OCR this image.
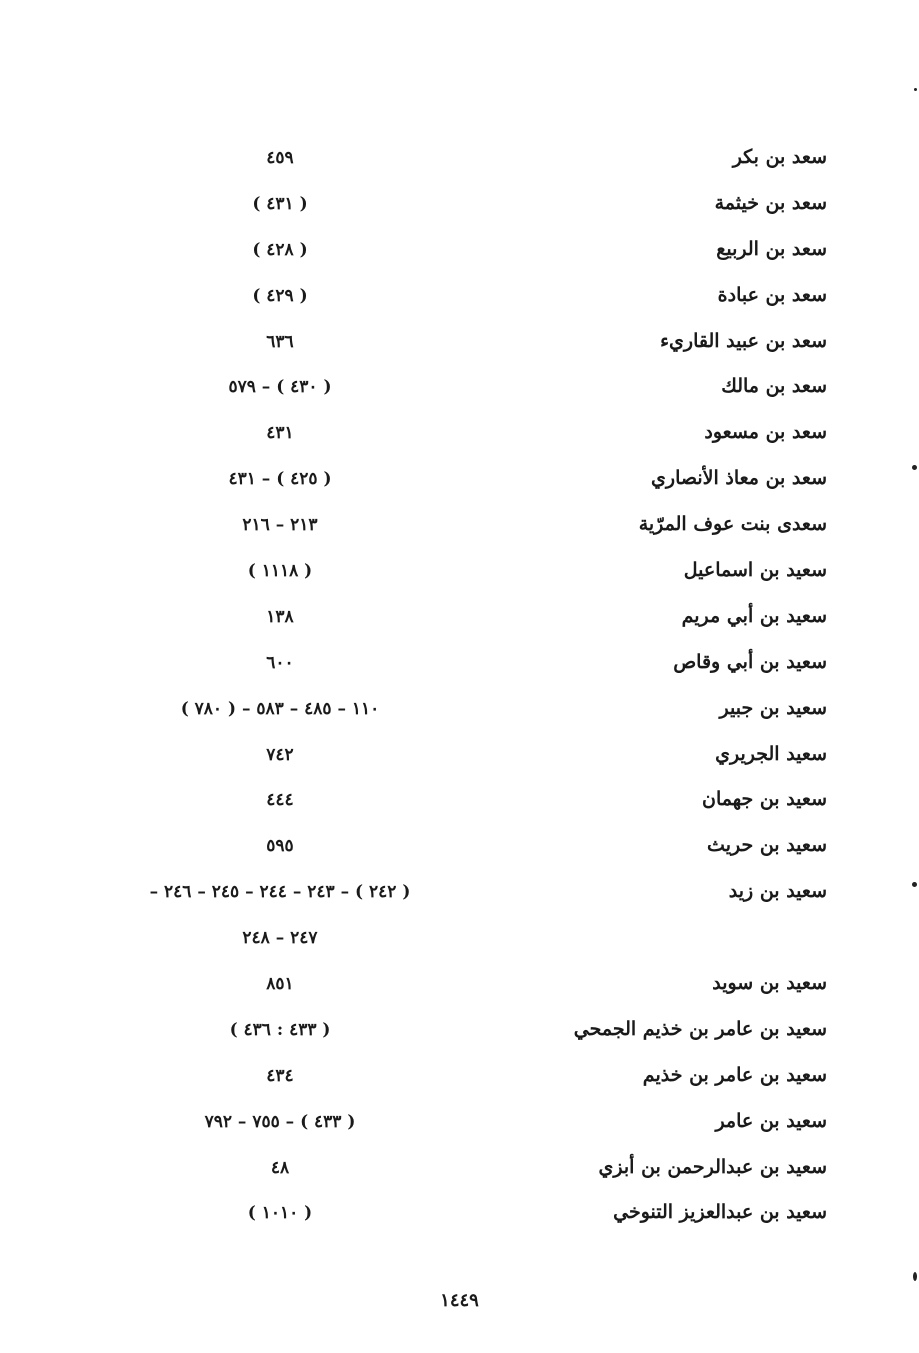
سعد بن بكر
٤٥٩
سعد بن خيثمة
( ٤٣١ )
سعد بن الربيع
( ٤٢٨ )
سعد بن عبادة
( ٤٢٩ )
سعد بن عبيد القاريء
٦٣٦
سعد بن مالك
( ٤٣٠ ) – ٥٧٩
سعد بن مسعود
٤٣١
سعد بن معاذ الأنصاري
( ٤٢٥ ) – ٤٣١
سعدى بنت عوف المرّية
٢١٣ – ٢١٦
سعيد بن اسماعيل
( ١١١٨ )
سعيد بن أبي مريم
١٣٨
سعيد بن أبي وقاص
٦٠٠
سعيد بن جبير
١١٠ – ٤٨٥ – ٥٨٣ – ( ٧٨٠ )
سعيد الجريري
٧٤٢
سعيد بن جهمان
٤٤٤
سعيد بن حريث
٥٩٥
سعيد بن زيد
( ٢٤٢ ) – ٢٤٣ – ٢٤٤ – ٢٤٥ – ٢٤٦ –
٢٤٧ – ٢٤٨
سعيد بن سويد
٨٥١
سعيد بن عامر بن خذيم الجمحي
( ٤٣٣ : ٤٣٦ )
سعيد بن عامر بن خذيم
٤٣٤
سعيد بن عامر
( ٤٣٣ ) – ٧٥٥ – ٧٩٢
سعيد بن عبدالرحمن بن أبزي
٤٨
سعيد بن عبدالعزيز التنوخي
( ١٠١٠ )
١٤٤٩
